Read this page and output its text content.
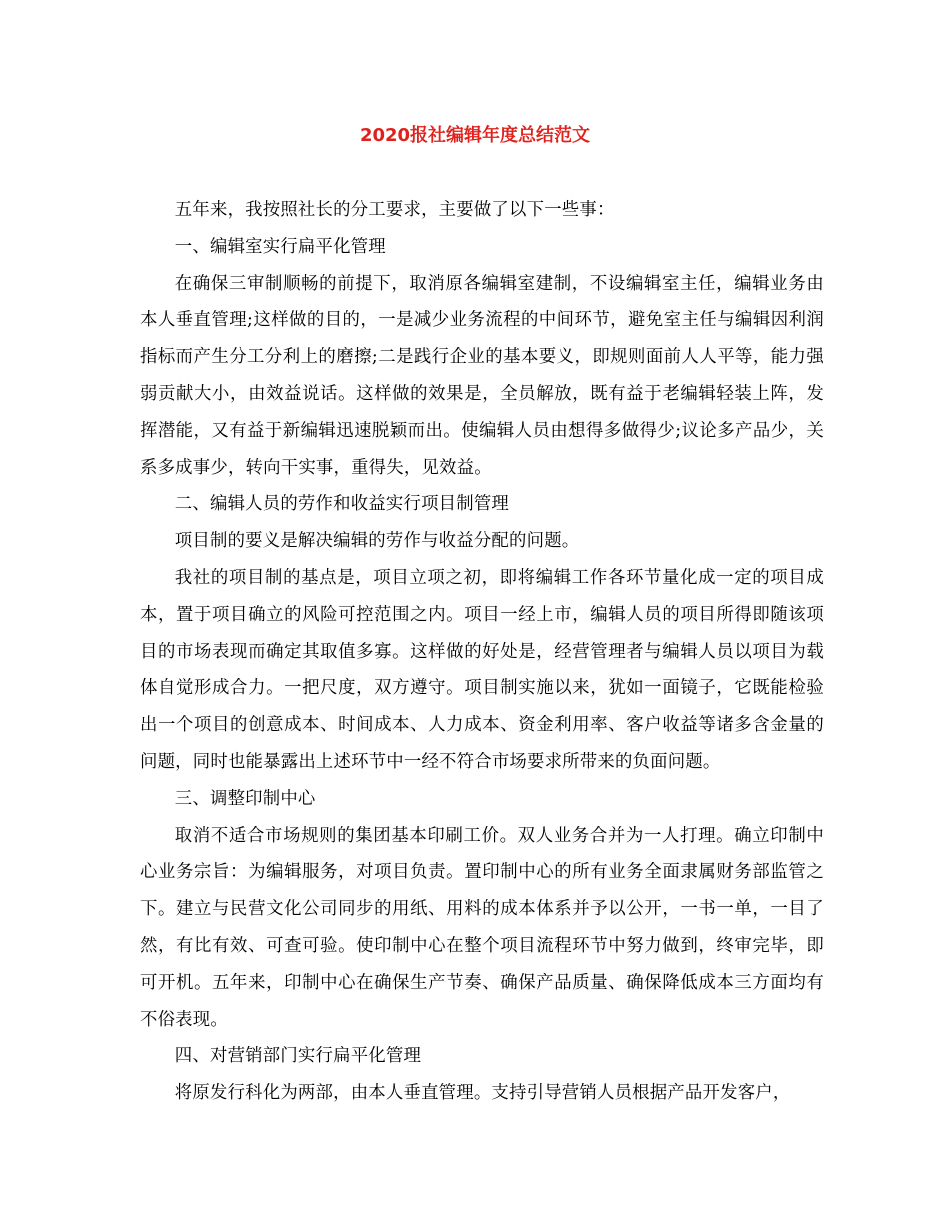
2020报社编辑年度总结范文

五年来，我按照社长的分工要求，主要做了以下一些事：

一、编辑室实行扁平化管理

在确保三审制顺畅的前提下，取消原各编辑室建制，不设编辑室主任，编辑业务由本人垂直管理;这样做的目的，一是减少业务流程的中间环节，避免室主任与编辑因利润指标而产生分工分利上的磨擦;二是践行企业的基本要义，即规则面前人人平等，能力强弱贡献大小，由效益说话。这样做的效果是，全员解放，既有益于老编辑轻装上阵，发挥潜能，又有益于新编辑迅速脱颖而出。使编辑人员由想得多做得少;议论多产品少，关系多成事少，转向干实事，重得失，见效益。

二、编辑人员的劳作和收益实行项目制管理

项目制的要义是解决编辑的劳作与收益分配的问题。

我社的项目制的基点是，项目立项之初，即将编辑工作各环节量化成一定的项目成本，置于项目确立的风险可控范围之内。项目一经上市，编辑人员的项目所得即随该项目的市场表现而确定其取值多寡。这样做的好处是，经营管理者与编辑人员以项目为载体自觉形成合力。一把尺度，双方遵守。项目制实施以来，犹如一面镜子，它既能检验出一个项目的创意成本、时间成本、人力成本、资金利用率、客户收益等诸多含金量的问题，同时也能暴露出上述环节中一经不符合市场要求所带来的负面问题。

三、调整印制中心

取消不适合市场规则的集团基本印刷工价。双人业务合并为一人打理。确立印制中心业务宗旨：为编辑服务，对项目负责。置印制中心的所有业务全面隶属财务部监管之下。建立与民营文化公司同步的用纸、用料的成本体系并予以公开，一书一单，一目了然，有比有效、可查可验。使印制中心在整个项目流程环节中努力做到，终审完毕，即可开机。五年来，印制中心在确保生产节奏、确保产品质量、确保降低成本三方面均有不俗表现。

四、对营销部门实行扁平化管理

将原发行科化为两部，由本人垂直管理。支持引导营销人员根据产品开发客户，
